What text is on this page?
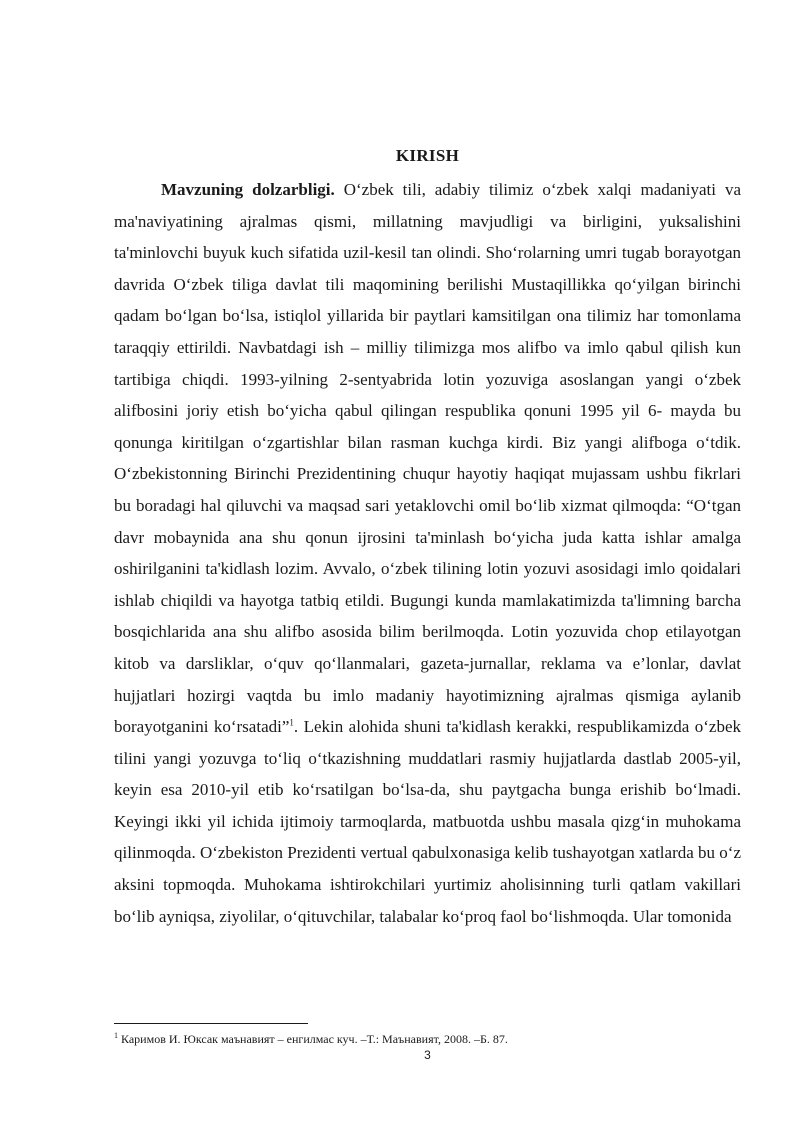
KIRISH

Mavzuning dolzarbligi. O‘zbek tili, adabiy tilimiz o‘zbek xalqi madaniyati va ma'naviyatining ajralmas qismi, millatning mavjudligi va birligini, yuksalishini ta'minlovchi buyuk kuch sifatida uzil-kesil tan olindi. Sho‘rolarning umri tugab borayotgan davrida O‘zbek tiliga davlat tili maqomining berilishi Mustaqillikka qo‘yilgan birinchi qadam bo‘lgan bo‘lsa, istiqlol yillarida bir paytlari kamsitilgan ona tilimiz har tomonlama taraqqiy ettirildi. Navbatdagi ish – milliy tilimizga mos alifbo va imlo qabul qilish kun tartibiga chiqdi. 1993-yilning 2-sentyabrida lotin yozuviga asoslangan yangi o‘zbek alifbosini joriy etish bo‘yicha qabul qilingan respublika qonuni 1995 yil 6- mayda bu qonunga kiritilgan o‘zgartishlar bilan rasman kuchga kirdi. Biz yangi alifboga o‘tdik. O‘zbekistonning Birinchi Prezidentining chuqur hayotiy haqiqat mujassam ushbu fikrlari bu boradagi hal qiluvchi va maqsad sari yetaklovchi omil bo‘lib xizmat qilmoqda: “O‘tgan davr mobaynida ana shu qonun ijrosini ta'minlash bo‘yicha juda katta ishlar amalga oshirilganini ta'kidlash lozim. Avvalo, o‘zbek tilining lotin yozuvi asosidagi imlo qoidalari ishlab chiqildi va hayotga tatbiq etildi. Bugungi kunda mamlakatimizda ta'limning barcha bosqichlarida ana shu alifbo asosida bilim berilmoqda. Lotin yozuvida chop etilayotgan kitob va darsliklar, o‘quv qo‘llanmalari, gazeta-jurnallar, reklama va e’lonlar, davlat hujjatlari hozirgi vaqtda bu imlo madaniy hayotimizning ajralmas qismiga aylanib borayotganini ko‘rsatadi”$^1$. Lekin alohida shuni ta'kidlash kerakki, respublikamizda o‘zbek tilini yangi yozuvga to‘liq o‘tkazishning muddatlari rasmiy hujjatlarda dastlab 2005-yil, keyin esa 2010-yil etib ko‘rsatilgan bo‘lsa-da, shu paytgacha bunga erishib bo‘lmadi. Keyingi ikki yil ichida ijtimoiy tarmoqlarda, matbuotda ushbu masala qizg‘in muhokama qilinmoqda. O‘zbekiston Prezidenti vertual qabulxonasiga kelib tushayotgan xatlarda bu o‘z aksini topmoqda. Muhokama ishtirokchilari yurtimiz aholisinning turli qatlam vakillari bo‘lib ayniqsa, ziyolilar, o‘qituvchilar, talabalar ko‘proq faol bo‘lishmoqda. Ular tomonida

$^1$ Каримов И. Юксак маънавият – енгилмас куч. –Т.: Маънавият, 2008. –Б. 87.
3
